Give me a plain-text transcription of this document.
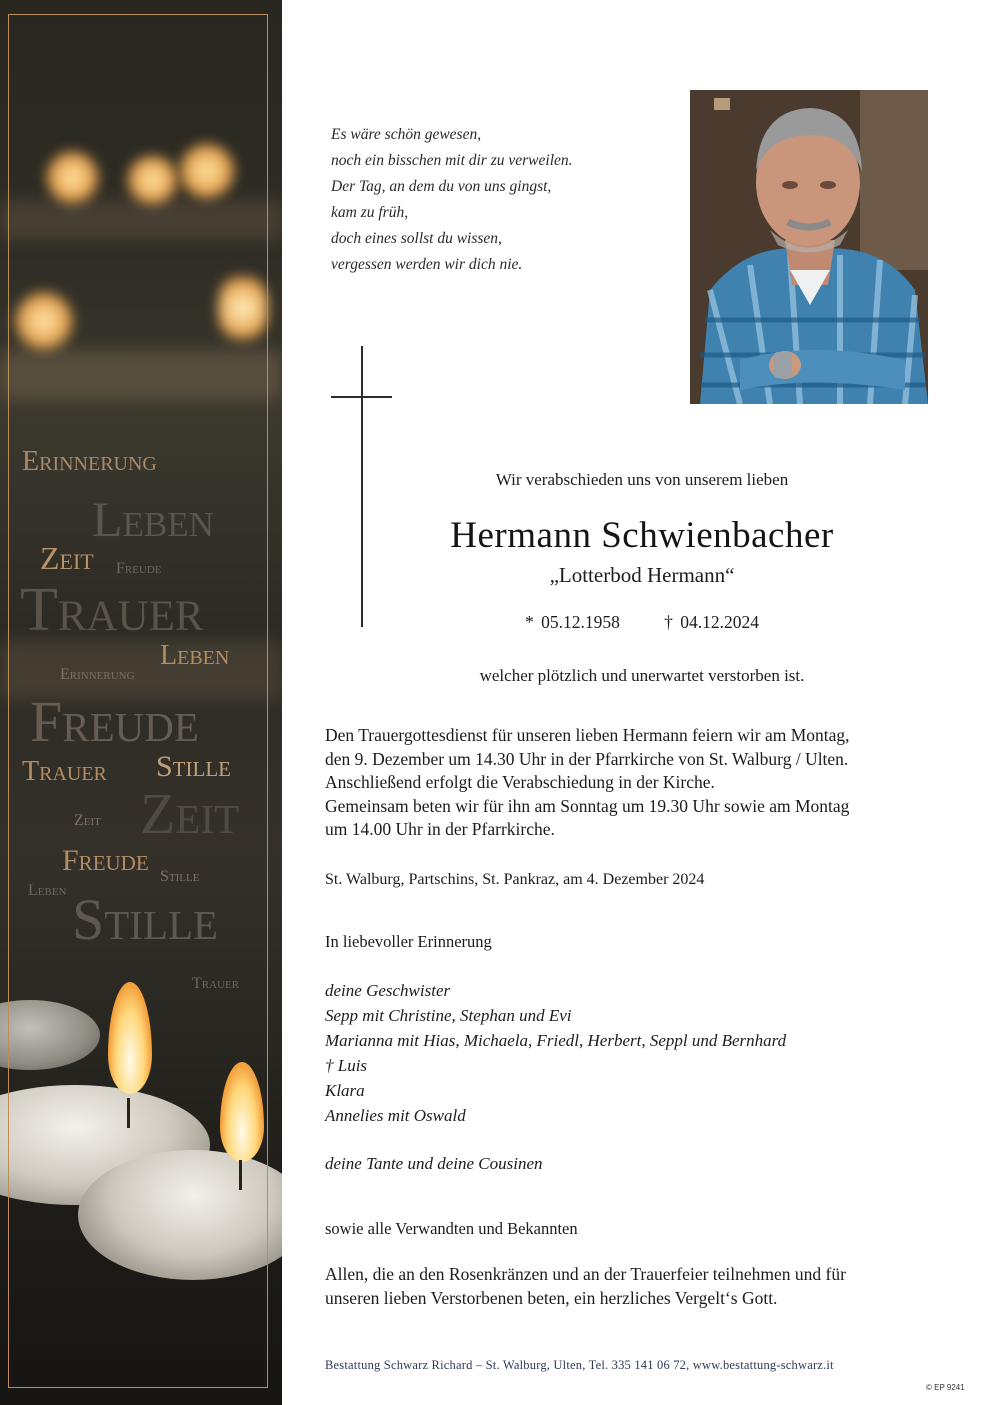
Erinnerung
Leben
Zeit Freude
Trauer
Leben
Erinnerung
Freude
Trauer Stille
Zeit Zeit
Freude Stille
Leben Stille
Trauer
Es wäre schön gewesen,
noch ein bisschen mit dir zu verweilen.
Der Tag, an dem du von uns gingst,
kam zu früh,
doch eines sollst du wissen,
vergessen werden wir dich nie.
Wir verabschieden uns von unserem lieben
Hermann Schwienbacher
„Lotterbod Hermann“
* 05.12.1958	† 04.12.2024
welcher plötzlich und unerwartet verstorben ist.
Den Trauergottesdienst für unseren lieben Hermann feiern wir am Montag,
den 9. Dezember um 14.30 Uhr in der Pfarrkirche von St. Walburg / Ulten.
Anschließend erfolgt die Verabschiedung in der Kirche.
Gemeinsam beten wir für ihn am Sonntag um 19.30 Uhr sowie am Montag
um 14.00 Uhr in der Pfarrkirche.
St. Walburg, Partschins, St. Pankraz, am 4. Dezember 2024
In liebevoller Erinnerung
deine Geschwister
Sepp mit Christine, Stephan und Evi
Marianna mit Hias, Michaela, Friedl, Herbert, Seppl und Bernhard
† Luis
Klara
Annelies mit Oswald
deine Tante und deine Cousinen
sowie alle Verwandten und Bekannten
Allen, die an den Rosenkränzen und an der Trauerfeier teilnehmen und für
unseren lieben Verstorbenen beten, ein herzliches Vergelt‘s Gott.
Bestattung Schwarz Richard – St. Walburg, Ulten, Tel. 335 141 06 72, www.bestattung-schwarz.it
© EP 9241
